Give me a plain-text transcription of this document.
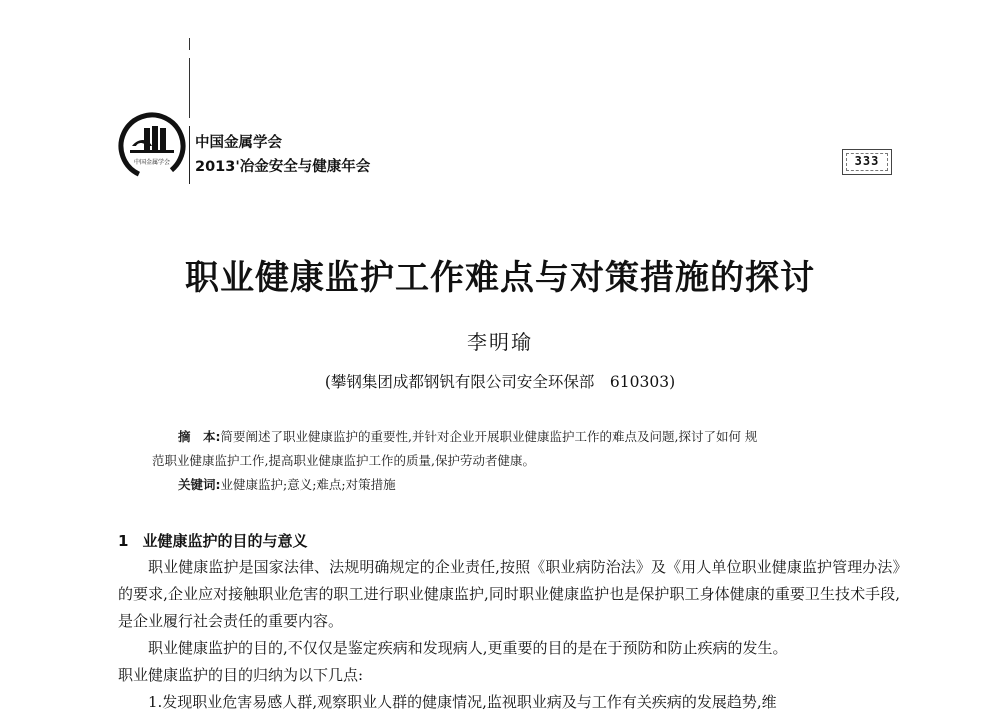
中国金属学会
中国金属学会
2013'冶金安全与健康年会	333
职业健康监护工作难点与对策措施的探讨
李明瑜
(攀钢集团成都钢钒有限公司安全环保部　610303)

摘　本:简要阐述了职业健康监护的重要性,并针对企业开展职业健康监护工作的难点及问题,探讨了如何 规

范职业健康监护工作,提高职业健康监护工作的质量,保护劳动者健康。

关键词:业健康监护;意义;难点;对策措施

1 业健康监护的目的与意义

职业健康监护是国家法律、法规明确规定的企业责任,按照《职业病防治法》及《用人单位职业健康监护管理办法》的要求,企业应对接触职业危害的职工进行职业健康监护,同时职业健康监护也是保护职工身体健康的重要卫生技术手段,是企业履行社会责任的重要内容。

职业健康监护的目的,不仅仅是鉴定疾病和发现病人,更重要的目的是在于预防和防止疾病的发生。

职业健康监护的目的归纳为以下几点:

1.发现职业危害易感人群,观察职业人群的健康情况,监视职业病及与工作有关疾病的发展趋势,维
